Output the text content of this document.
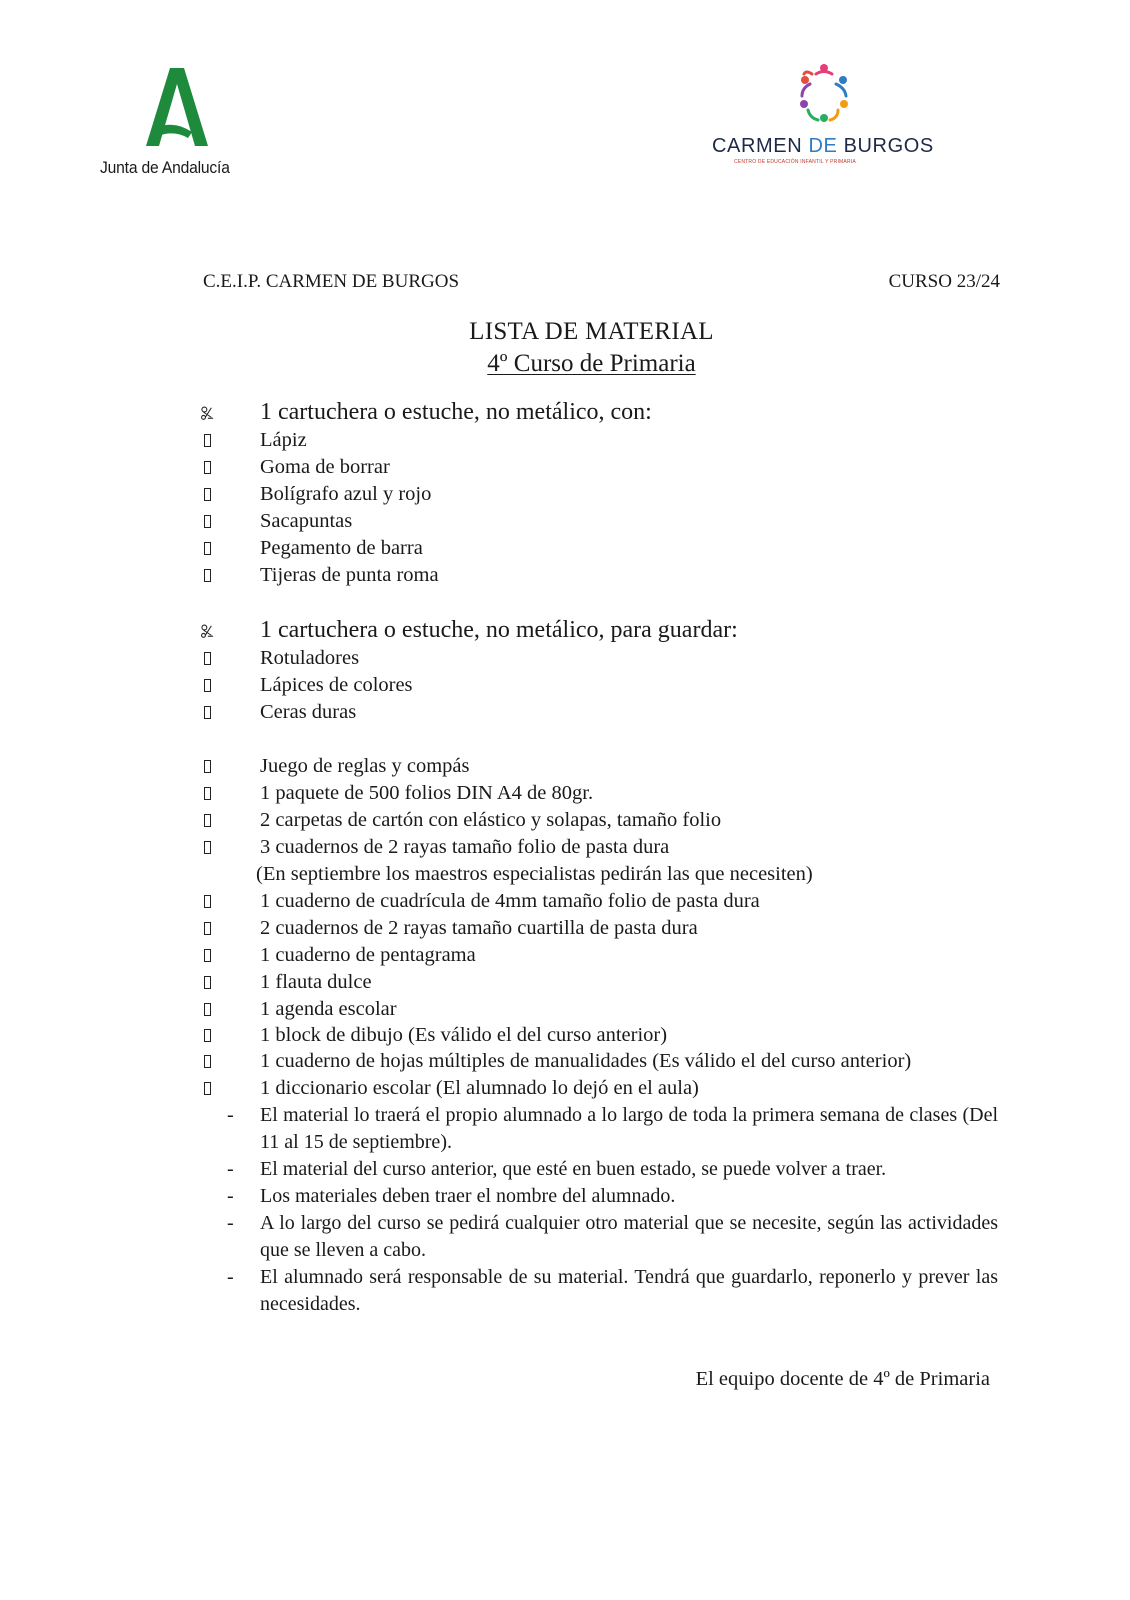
Junta de Andalucía
CARMEN DE BURGOS
CENTRO DE EDUCACIÓN INFANTIL Y PRIMARIA
C.E.I.P. CARMEN DE BURGOS	CURSO 23/24
LISTA DE MATERIAL
4º Curso de Primaria
1 cartuchera o estuche, no metálico, con:
Lápiz
Goma de borrar
Bolígrafo azul y rojo
Sacapuntas
Pegamento de barra
Tijeras de punta roma
1 cartuchera o estuche, no metálico, para guardar:
Rotuladores
Lápices de colores
Ceras duras
Juego de reglas y compás
1 paquete de 500 folios DIN A4 de 80gr.
2 carpetas de cartón con elástico y solapas, tamaño folio
3 cuadernos de 2 rayas tamaño folio de pasta dura
(En septiembre los maestros especialistas pedirán las que necesiten)
1 cuaderno de cuadrícula de 4mm tamaño folio de pasta dura
2 cuadernos de 2 rayas tamaño cuartilla de pasta dura
1 cuaderno de pentagrama
1 flauta dulce
1 agenda escolar
1 block de dibujo (Es válido el del curso anterior)
1 cuaderno de hojas múltiples de manualidades (Es válido el del curso anterior)
1 diccionario escolar (El alumnado lo dejó en el aula)
- El material lo traerá el propio alumnado a lo largo de toda la primera semana de clases (Del 11 al 15 de septiembre).
- El material del curso anterior, que esté en buen estado, se puede volver a traer.
- Los materiales deben traer el nombre del alumnado.
- A lo largo del curso se pedirá cualquier otro material que se necesite, según las actividades que se lleven a cabo.
- El alumnado será responsable de su material. Tendrá que guardarlo, reponerlo y prever las necesidades.
El equipo docente de 4º de Primaria
